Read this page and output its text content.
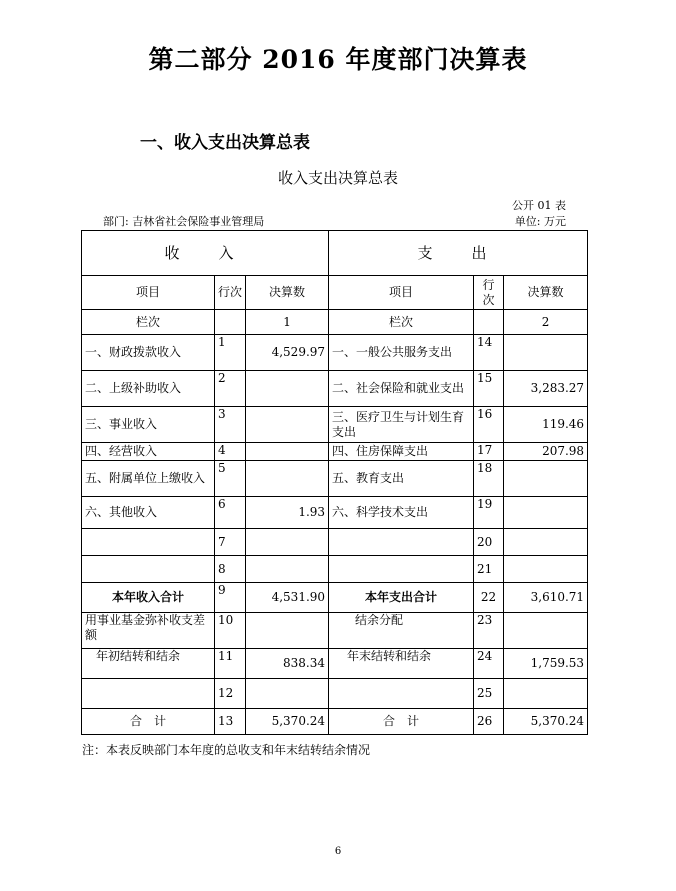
第二部分 2016 年度部门决算表
一、收入支出决算总表
收入支出决算总表
公开 01 表
部门: 吉林省社会保险事业管理局	单位: 万元
收　入			支　出		
项目	行次	决算数	项目	行次	决算数
栏次		1	栏次		2
一、财政拨款收入	1	4,529.97	一、一般公共服务支出	14	
二、上级补助收入	2		二、社会保险和就业支出	15	3,283.27
三、事业收入	3		三、医疗卫生与计划生育支出	16	119.46
四、经营收入	4		四、住房保障支出	17	207.98
五、附属单位上缴收入	5		五、教育支出	18	
六、其他收入	6	1.93	六、科学技术支出	19	
	7			20	
	8			21	
本年收入合计	9	4,531.90	本年支出合计	22	3,610.71
用事业基金弥补收支差额	10		结余分配	23	
年初结转和结余	11	838.34	年末结转和结余	24	1,759.53
	12			25	
合　计	13	5,370.24	合　计	26	5,370.24
注：本表反映部门本年度的总收支和年末结转结余情况
6
